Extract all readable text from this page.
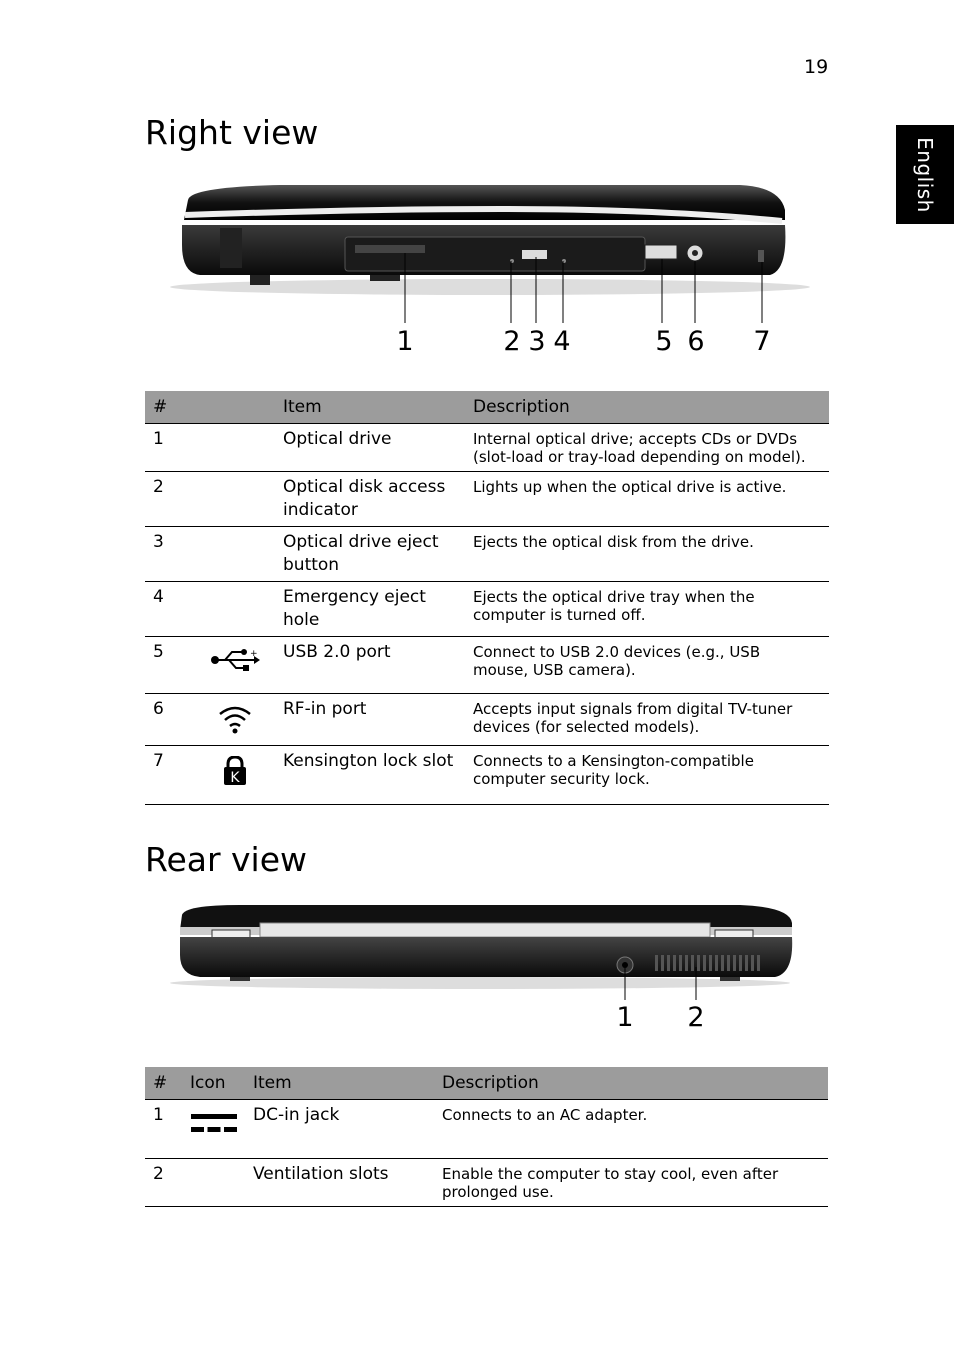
19
English
Right view
1	2 3 4	5 6 7
#		Item	Description
1		Optical drive	Internal optical drive; accepts CDs or DVDs (slot-load or tray-load depending on model).
2		Optical disk access indicator	Lights up when the optical drive is active.
3		Optical drive eject button	Ejects the optical disk from the drive.
4		Emergency eject hole	Ejects the optical drive tray when the computer is turned off.
5	+	USB 2.0 port	Connect to USB 2.0 devices (e.g., USB mouse, USB camera).
6		RF-in port	Accepts input signals from digital TV-tuner devices (for selected models).
7	K	Kensington lock slot	Connects to a Kensington-compatible computer security lock.
Rear view
1 2
#	Icon	Item	Description
1		DC-in jack	Connects to an AC adapter.
2		Ventilation slots	Enable the computer to stay cool, even after prolonged use.
